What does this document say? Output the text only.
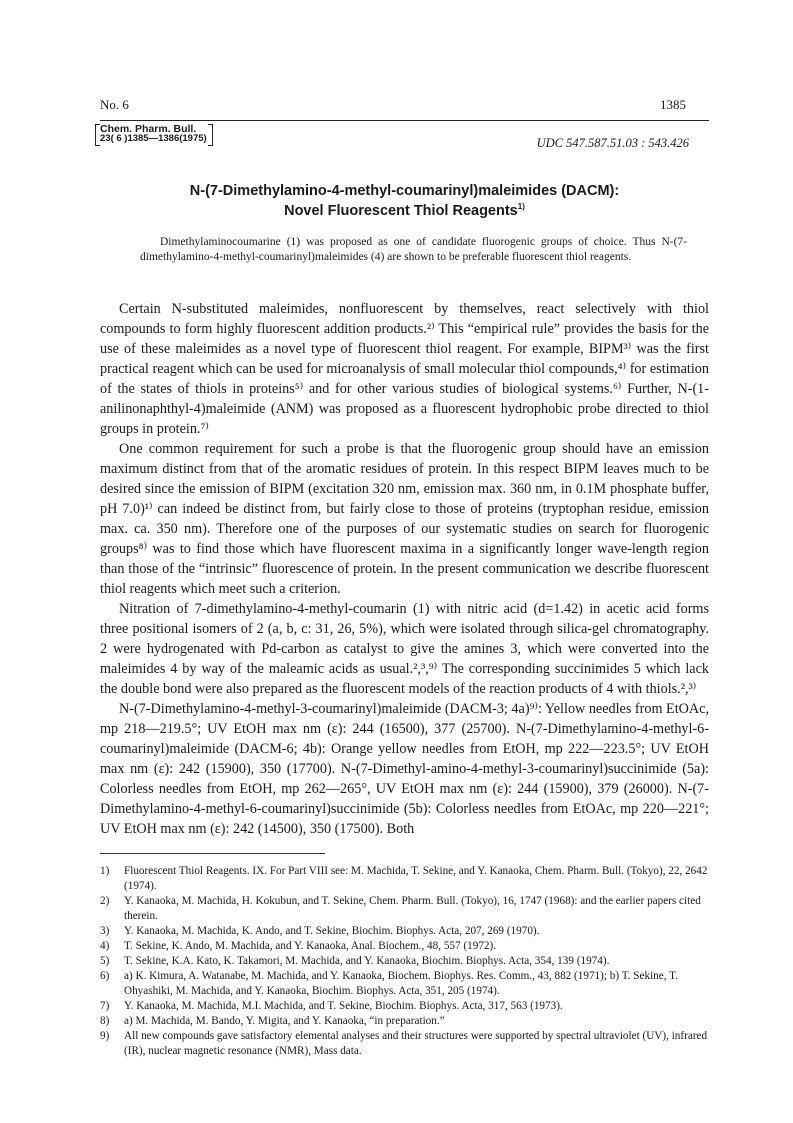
No. 6	1385
Chem. Pharm. Bull.
23( 6 )1385—1386(1975)	UDC 547.587.51.03 : 543.426
N-(7-Dimethylamino-4-methyl-coumarinyl)maleimides (DACM):
Novel Fluorescent Thiol Reagents$^{1)}$
Dimethylaminocoumarine (1) was proposed as one of candidate fluorogenic groups of choice. Thus N-(7-dimethylamino-4-methyl-coumarinyl)maleimides (4) are shown to be preferable fluorescent thiol reagents.

Certain N-substituted maleimides, nonfluorescent by themselves, react selectively with thiol compounds to form highly fluorescent addition products.²⁾ This “empirical rule” provides the basis for the use of these maleimides as a novel type of fluorescent thiol reagent. For example, BIPM³⁾ was the first practical reagent which can be used for microanalysis of small molecular thiol compounds,⁴⁾ for estimation of the states of thiols in proteins⁵⁾ and for other various studies of biological systems.⁶⁾ Further, N-(1-anilinonaphthyl-4)maleimide (ANM) was proposed as a fluorescent hydrophobic probe directed to thiol groups in protein.⁷⁾

One common requirement for such a probe is that the fluorogenic group should have an emission maximum distinct from that of the aromatic residues of protein. In this respect BIPM leaves much to be desired since the emission of BIPM (excitation 320 nm, emission max. 360 nm, in 0.1M phosphate buffer, pH 7.0)¹⁾ can indeed be distinct from, but fairly close to those of proteins (tryptophan residue, emission max. ca. 350 nm). Therefore one of the purposes of our systematic studies on search for fluorogenic groups⁸⁾ was to find those which have fluorescent maxima in a significantly longer wave-length region than those of the “intrinsic” fluorescence of protein. In the present communication we describe fluorescent thiol reagents which meet such a criterion.

Nitration of 7-dimethylamino-4-methyl-coumarin (1) with nitric acid (d=1.42) in acetic acid forms three positional isomers of 2 (a, b, c: 31, 26, 5%), which were isolated through silica-gel chromatography. 2 were hydrogenated with Pd-carbon as catalyst to give the amines 3, which were converted into the maleimides 4 by way of the maleamic acids as usual.²,³,⁹⁾ The corresponding succinimides 5 which lack the double bond were also prepared as the fluorescent models of the reaction products of 4 with thiols.²,³⁾

N-(7-Dimethylamino-4-methyl-3-coumarinyl)maleimide (DACM-3; 4a)⁹⁾: Yellow needles from EtOAc, mp 218—219.5°; UV EtOH max nm (ε): 244 (16500), 377 (25700). N-(7-Dimethylamino-4-methyl-6-coumarinyl)maleimide (DACM-6; 4b): Orange yellow needles from EtOH, mp 222—223.5°; UV EtOH max nm (ε): 242 (15900), 350 (17700). N-(7-Dimethyl-amino-4-methyl-3-coumarinyl)succinimide (5a): Colorless needles from EtOH, mp 262—265°, UV EtOH max nm (ε): 244 (15900), 379 (26000). N-(7-Dimethylamino-4-methyl-6-coumarinyl)succinimide (5b): Colorless needles from EtOAc, mp 220—221°; UV EtOH max nm (ε): 242 (14500), 350 (17500). Both

1)	Fluorescent Thiol Reagents. IX. For Part VIII see: M. Machida, T. Sekine, and Y. Kanaoka, Chem. Pharm. Bull. (Tokyo), 22, 2642 (1974).
2)	Y. Kanaoka, M. Machida, H. Kokubun, and T. Sekine, Chem. Pharm. Bull. (Tokyo), 16, 1747 (1968): and the earlier papers cited therein.
3)	Y. Kanaoka, M. Machida, K. Ando, and T. Sekine, Biochim. Biophys. Acta, 207, 269 (1970).
4)	T. Sekine, K. Ando, M. Machida, and Y. Kanaoka, Anal. Biochem., 48, 557 (1972).
5)	T. Sekine, K.A. Kato, K. Takamori, M. Machida, and Y. Kanaoka, Biochim. Biophys. Acta, 354, 139 (1974).
6)	a) K. Kimura, A. Watanabe, M. Machida, and Y. Kanaoka, Biochem. Biophys. Res. Comm., 43, 882 (1971); b) T. Sekine, T. Ohyashiki, M. Machida, and Y. Kanaoka, Biochim. Biophys. Acta, 351, 205 (1974).
7)	Y. Kanaoka, M. Machida, M.I. Machida, and T. Sekine, Biochim. Biophys. Acta, 317, 563 (1973).
8)	a) M. Machida, M. Bando, Y. Migita, and Y. Kanaoka, “in preparation.”
9)	All new compounds gave satisfactory elemental analyses and their structures were supported by spectral ultraviolet (UV), infrared (IR), nuclear magnetic resonance (NMR), Mass data.
